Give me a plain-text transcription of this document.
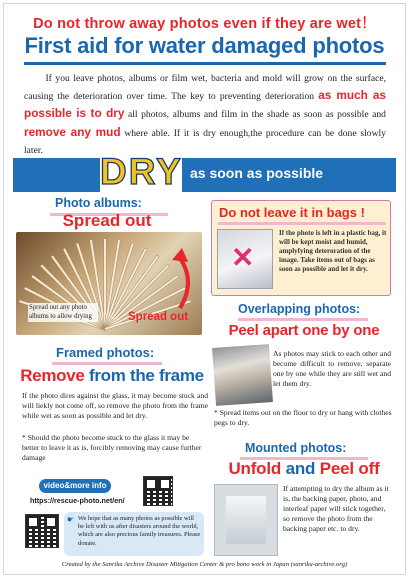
Do not throw away photos even if they are wet！
First aid for water damaged photos

If you leave photos, albums or film wet, bacteria and mold will grow on the surface, causing the deterioration over time. The key to preventing deterioration as much as possible is to dry all photos, albums and film in the shade as soon as possible and remove any mud where able. If it is dry enough,the procedure can be done slowly later.

DRY as soon as possible
Photo albums:
Spread out
Spread out any photo albums to allow drying	Spread out
Do not leave it in bags !
✕
If the photo is left in a plastic bag, it will be kept moist and humid, amplyfying deteroration of the image. Take items out of bags as soon as possible and let it dry.
Framed photos:
Remove from the frame

If the photo dires against the glass, it may become stuck and will liekly not come off, so remove the photo from the frame while wet as soon as possible and let dry.

* Should the photo become stuck to the glass it may be better to leave it as is, forcibly removing may cause further damage

video&more info
https://rescue-photo.net/en/
☛ We hope that as many photos as possible will be left with us after disasters around the world, which are also precious family treasures. Please donate.
Overlapping photos:
Peel apart one by one

As photos may stick to each other and become difficult to remove, separate one by one while they are still wet and let them dry.

* Spread items out on the floor to dry or hang with clothes pegs to dry.

Mounted photos:
Unfold and Peel off

If attempting to dry the album as it is, the backing paper, photo, and interleaf paper will stick together, so remove the photo from the backing paper etc. to dry.

Created by the Sanriku Archive Disaster Mitigation Center & pro bono work in Japan (sanriku-archive.org)
